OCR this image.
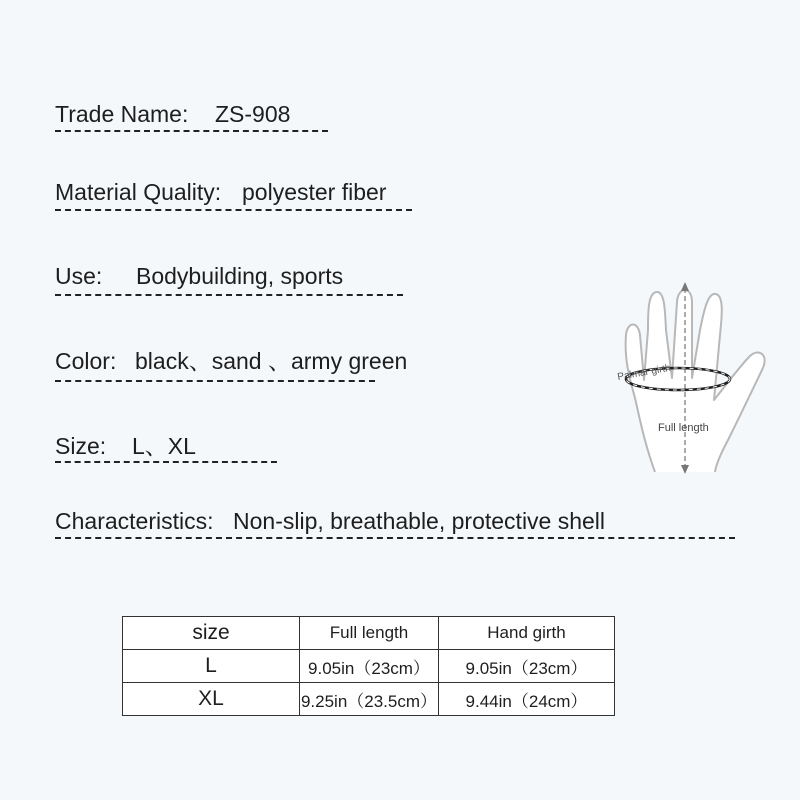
Trade Name: ZS-908
Material Quality: polyester fiber
Use: Bodybuilding, sports
Color: black、sand 、army green
Size: L、XL
Characteristics: Non-slip, breathable, protective shell
Palmar girth
Full length
size	Full length	Hand girth
L	9.05in（23cm）	9.05in（23cm）
XL	9.25in（23.5cm）	9.44in（24cm）
